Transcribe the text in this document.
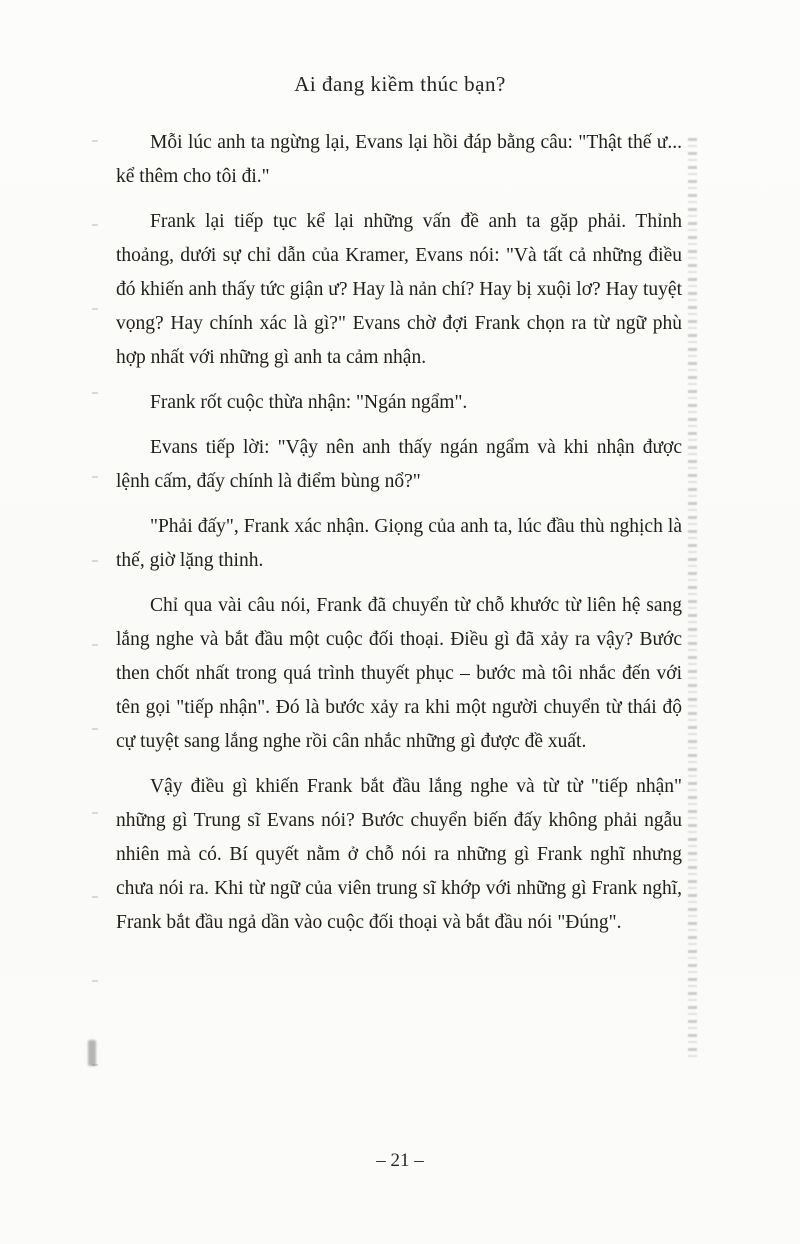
Ai đang kiềm thúc bạn?

Mỗi lúc anh ta ngừng lại, Evans lại hồi đáp bằng câu: "Thật thế ư... kể thêm cho tôi đi."

Frank lại tiếp tục kể lại những vấn đề anh ta gặp phải. Thỉnh thoảng, dưới sự chỉ dẫn của Kramer, Evans nói: "Và tất cả những điều đó khiến anh thấy tức giận ư? Hay là nản chí? Hay bị xuội lơ? Hay tuyệt vọng? Hay chính xác là gì?" Evans chờ đợi Frank chọn ra từ ngữ phù hợp nhất với những gì anh ta cảm nhận.

Frank rốt cuộc thừa nhận: "Ngán ngẩm".

Evans tiếp lời: "Vậy nên anh thấy ngán ngẩm và khi nhận được lệnh cấm, đấy chính là điểm bùng nổ?"

"Phải đấy", Frank xác nhận. Giọng của anh ta, lúc đầu thù nghịch là thế, giờ lặng thinh.

Chỉ qua vài câu nói, Frank đã chuyển từ chỗ khước từ liên hệ sang lắng nghe và bắt đầu một cuộc đối thoại. Điều gì đã xảy ra vậy? Bước then chốt nhất trong quá trình thuyết phục – bước mà tôi nhắc đến với tên gọi "tiếp nhận". Đó là bước xảy ra khi một người chuyển từ thái độ cự tuyệt sang lắng nghe rồi cân nhắc những gì được đề xuất.

Vậy điều gì khiến Frank bắt đầu lắng nghe và từ từ "tiếp nhận" những gì Trung sĩ Evans nói? Bước chuyển biến đấy không phải ngẫu nhiên mà có. Bí quyết nằm ở chỗ nói ra những gì Frank nghĩ nhưng chưa nói ra. Khi từ ngữ của viên trung sĩ khớp với những gì Frank nghĩ, Frank bắt đầu ngả dần vào cuộc đối thoại và bắt đầu nói "Đúng".

– 21 –
